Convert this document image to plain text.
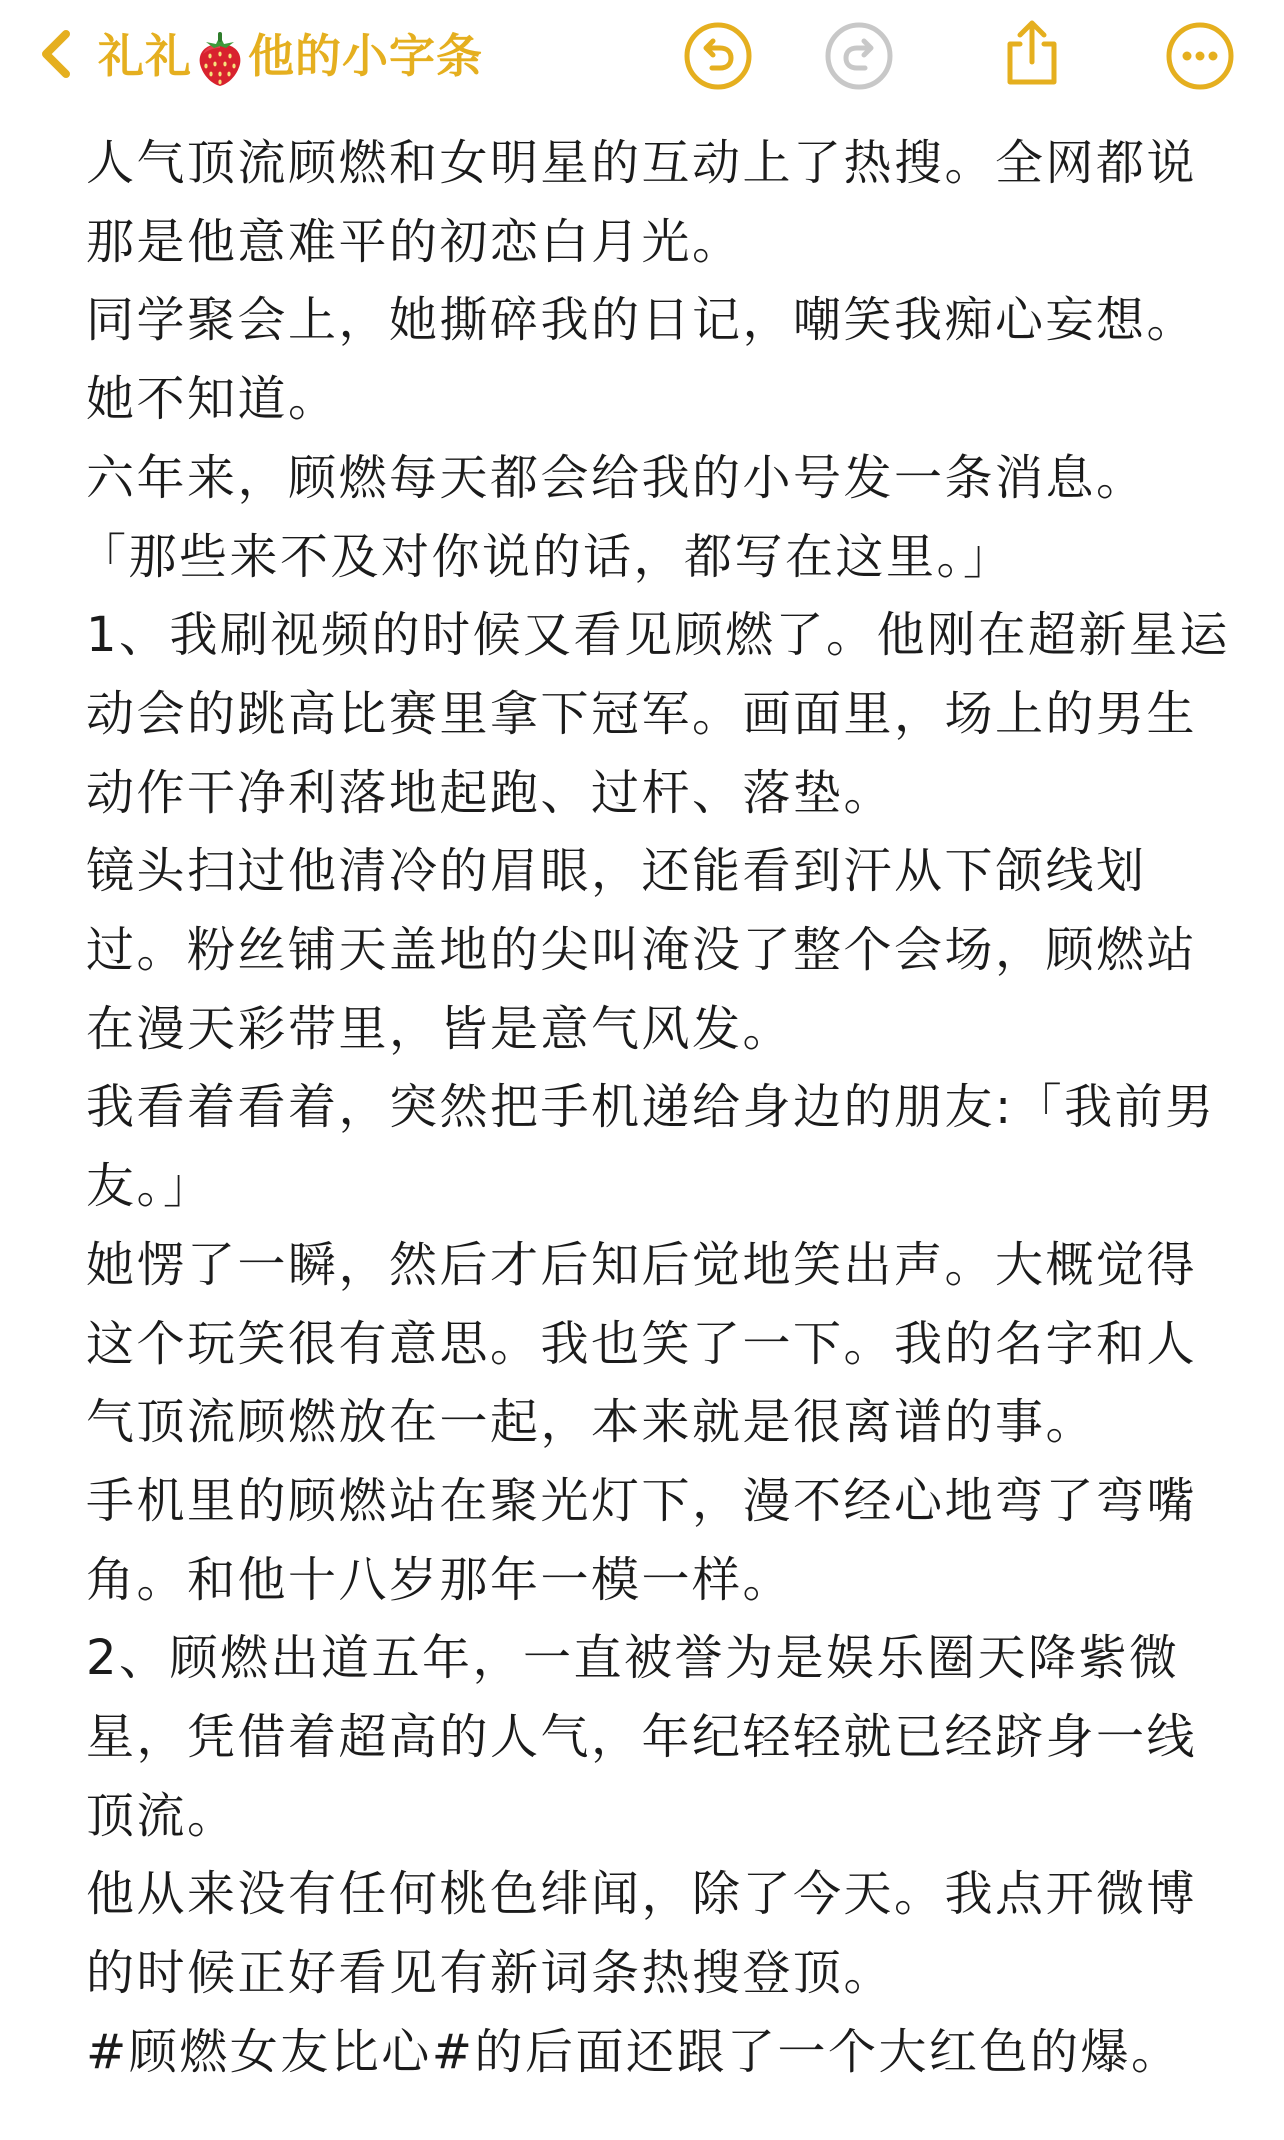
礼礼 他的小字条

人气顶流顾燃和女明星的互动上了热搜。全网都说那是他意难平的初恋白月光。

同学聚会上，她撕碎我的日记，嘲笑我痴心妄想。她不知道。

六年来，顾燃每天都会给我的小号发一条消息。

「那些来不及对你说的话，都写在这里。」

1、我刷视频的时候又看见顾燃了。他刚在超新星运动会的跳高比赛里拿下冠军。画面里，场上的男生动作干净利落地起跑、过杆、落垫。

镜头扫过他清冷的眉眼，还能看到汗从下颌线划过。粉丝铺天盖地的尖叫淹没了整个会场，顾燃站在漫天彩带里，皆是意气风发。

我看着看着，突然把手机递给身边的朋友:「我前男友。」

她愣了一瞬，然后才后知后觉地笑出声。大概觉得这个玩笑很有意思。我也笑了一下。我的名字和人气顶流顾燃放在一起，本来就是很离谱的事。

手机里的顾燃站在聚光灯下，漫不经心地弯了弯嘴角。和他十八岁那年一模一样。

2、顾燃出道五年，一直被誉为是娱乐圈天降紫微星，凭借着超高的人气，年纪轻轻就已经跻身一线顶流。

他从来没有任何桃色绯闻，除了今天。我点开微博的时候正好看见有新词条热搜登顶。

#顾燃女友比心#的后面还跟了一个大红色的爆。
